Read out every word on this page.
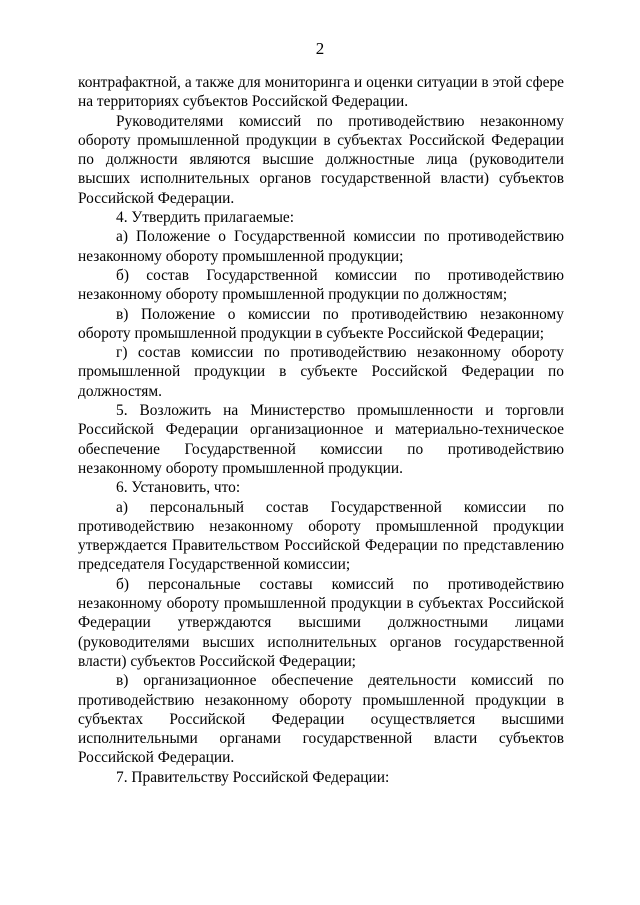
2

контрафактной, а также для мониторинга и оценки ситуации в этой сфере на территориях субъектов Российской Федерации.

Руководителями комиссий по противодействию незаконному обороту промышленной продукции в субъектах Российской Федерации по должности являются высшие должностные лица (руководители высших исполнительных органов государственной власти) субъектов Российской Федерации.

4. Утвердить прилагаемые:

а) Положение о Государственной комиссии по противодействию незаконному обороту промышленной продукции;

б) состав Государственной комиссии по противодействию незаконному обороту промышленной продукции по должностям;

в) Положение о комиссии по противодействию незаконному обороту промышленной продукции в субъекте Российской Федерации;

г) состав комиссии по противодействию незаконному обороту промышленной продукции в субъекте Российской Федерации по должностям.

5. Возложить на Министерство промышленности и торговли Российской Федерации организационное и материально-техническое обеспечение Государственной комиссии по противодействию незаконному обороту промышленной продукции.

6. Установить, что:

а) персональный состав Государственной комиссии по противодействию незаконному обороту промышленной продукции утверждается Правительством Российской Федерации по представлению председателя Государственной комиссии;

б) персональные составы комиссий по противодействию незаконному обороту промышленной продукции в субъектах Российской Федерации утверждаются высшими должностными лицами (руководителями высших исполнительных органов государственной власти) субъектов Российской Федерации;

в) организационное обеспечение деятельности комиссий по противодействию незаконному обороту промышленной продукции в субъектах Российской Федерации осуществляется высшими исполнительными органами государственной власти субъектов Российской Федерации.

7. Правительству Российской Федерации:
